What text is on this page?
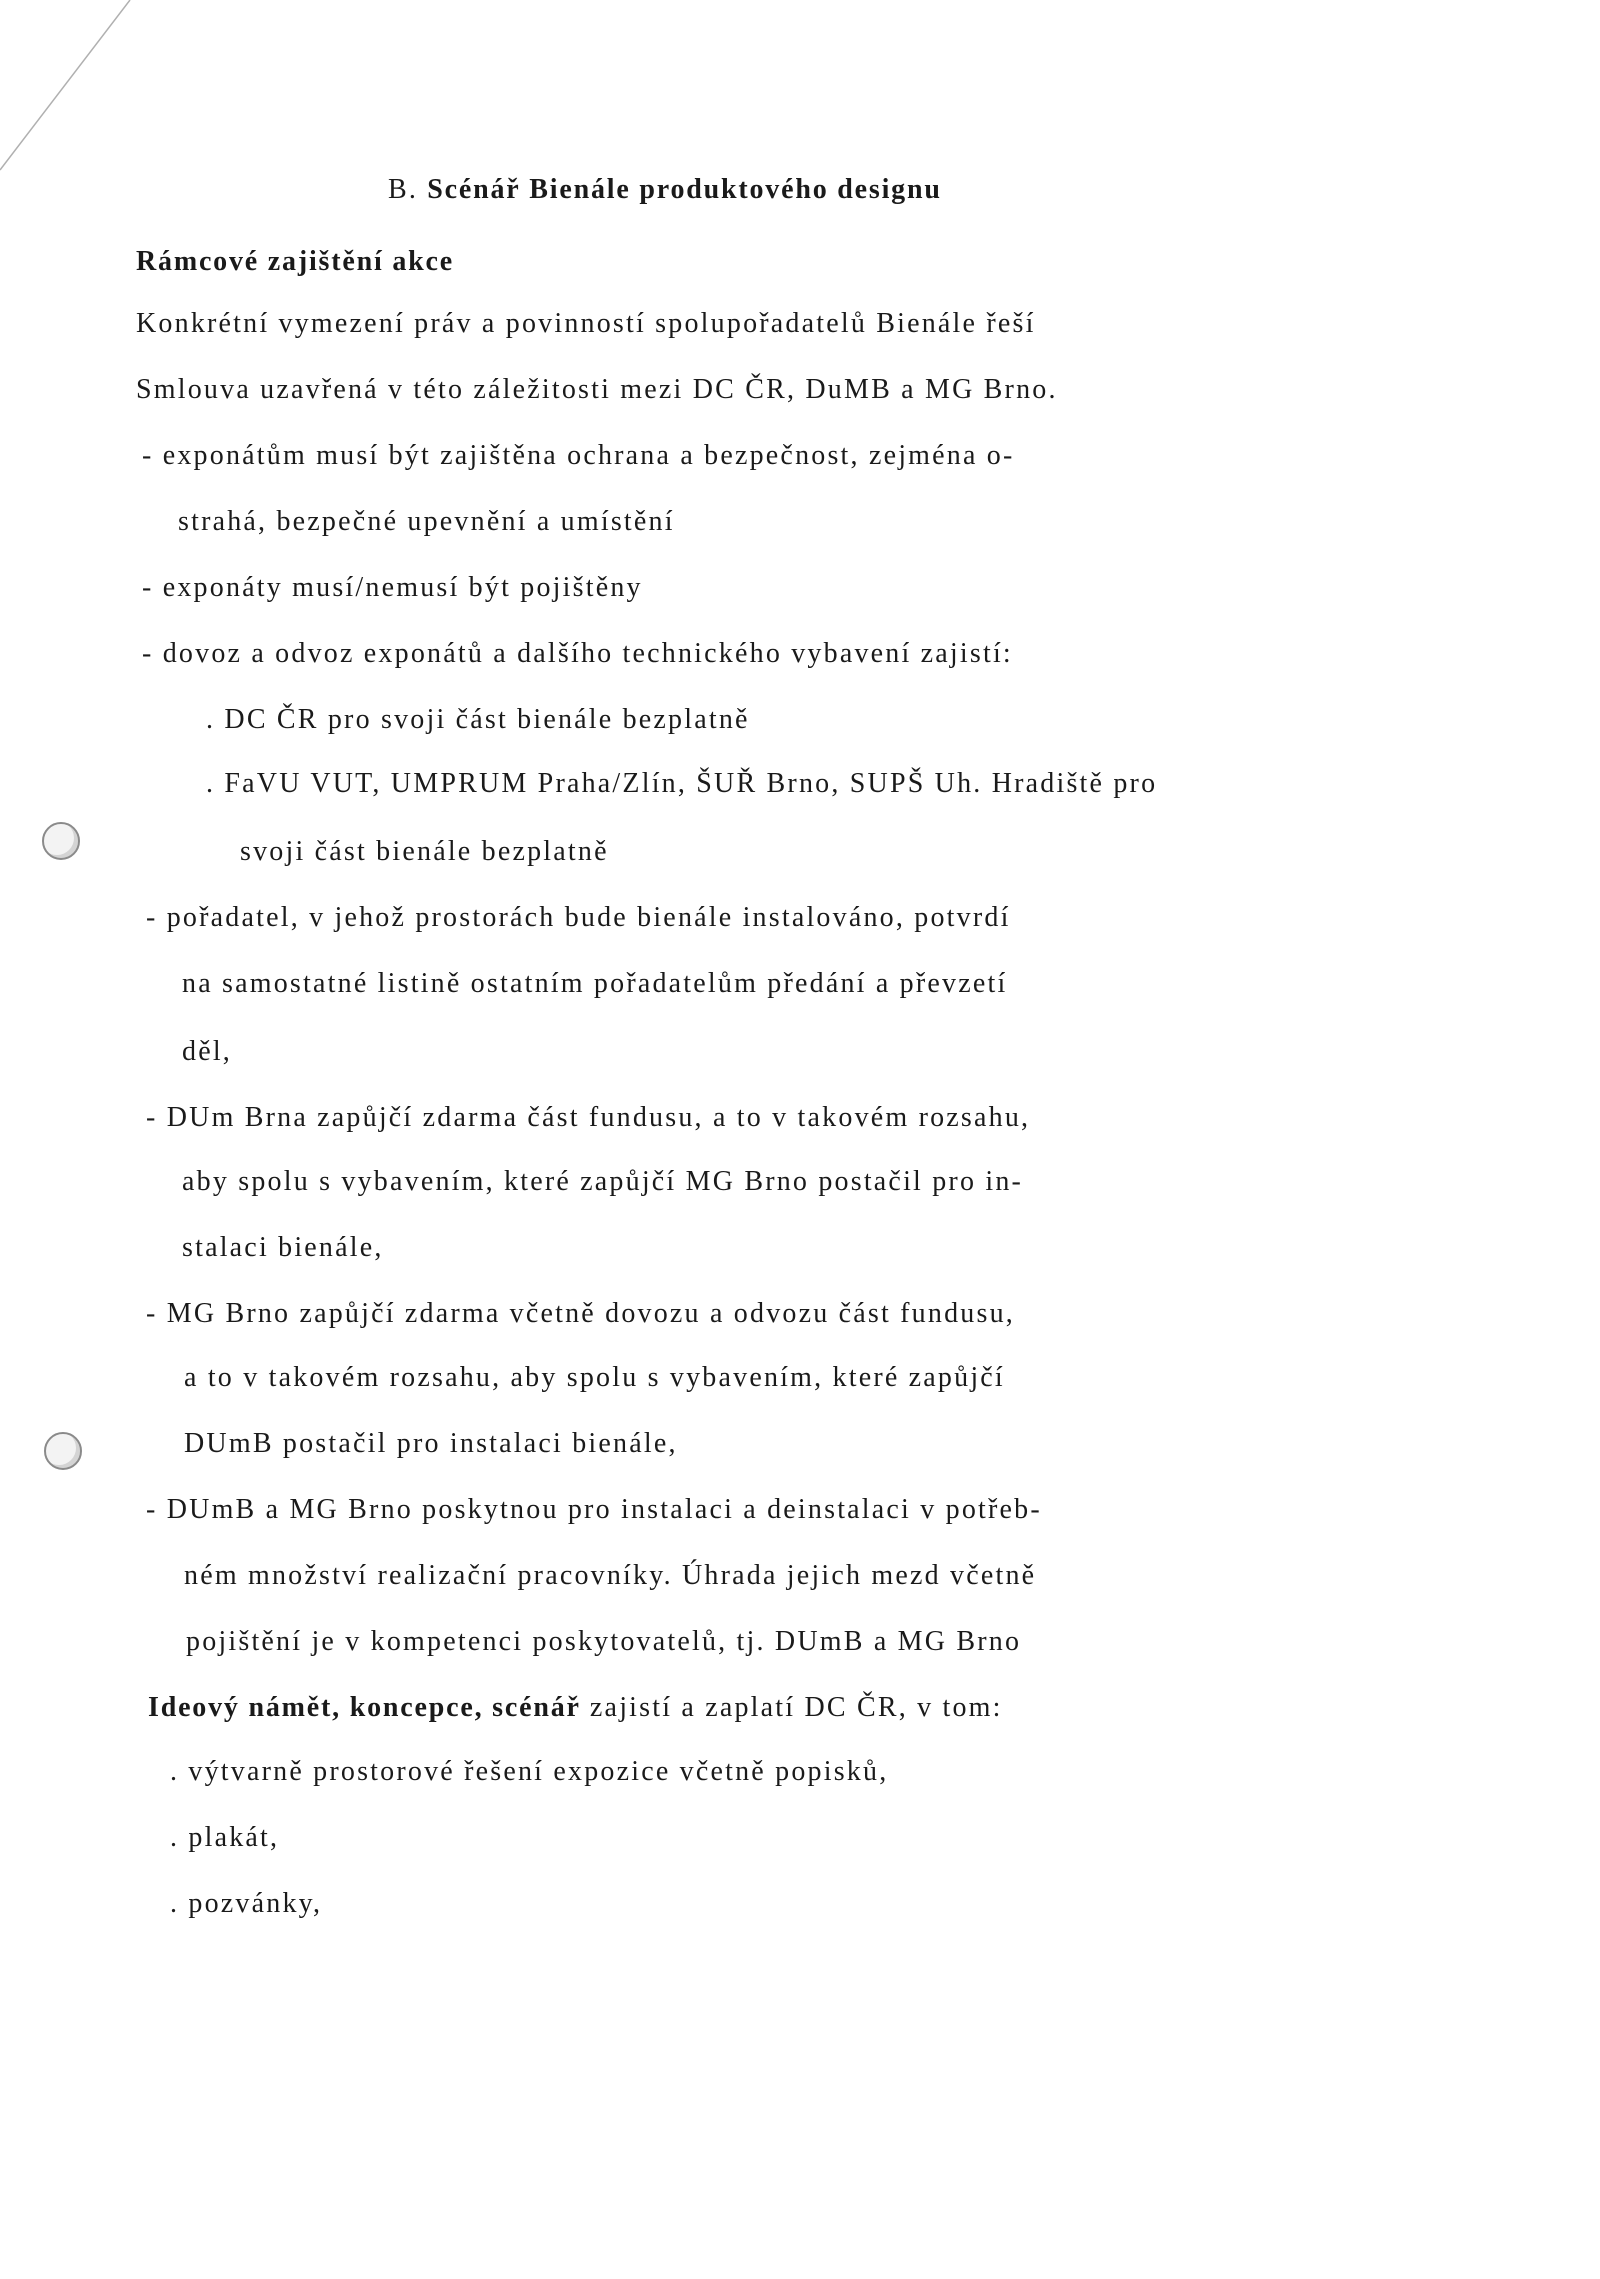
B. Scénář Bienále produktového designu

Rámcové zajištění akce

Konkrétní vymezení práv a povinností spolupořadatelů Bienále řeší

Smlouva uzavřená v této záležitosti mezi DC ČR, DuMB a MG Brno.

- exponátům musí být zajištěna ochrana a bezpečnost, zejména o-

strahá, bezpečné upevnění a umístění

- exponáty musí/nemusí být pojištěny

- dovoz a odvoz exponátů a dalšího technického vybavení zajistí:

. DC ČR pro svoji část bienále bezplatně

. FaVU VUT, UMPRUM Praha/Zlín, ŠUŘ Brno, SUPŠ Uh. Hradiště pro

svoji část bienále bezplatně

- pořadatel, v jehož prostorách bude bienále instalováno, potvrdí

na samostatné listině ostatním pořadatelům předání a převzetí

děl,

- DUm Brna zapůjčí zdarma část fundusu, a to v takovém rozsahu,

aby spolu s vybavením, které zapůjčí MG Brno postačil pro in-

stalaci bienále,

- MG Brno zapůjčí zdarma včetně dovozu a odvozu část fundusu,

a to v takovém rozsahu, aby spolu s vybavením, které zapůjčí

DUmB postačil pro instalaci bienále,

- DUmB a MG Brno poskytnou pro instalaci a deinstalaci v potřeb-

ném množství realizační pracovníky. Úhrada jejich mezd včetně

pojištění je v kompetenci poskytovatelů, tj. DUmB a MG Brno

Ideový námět, koncepce, scénář zajistí a zaplatí DC ČR, v tom:

. výtvarně prostorové řešení expozice včetně popisků,

. plakát,

. pozvánky,
